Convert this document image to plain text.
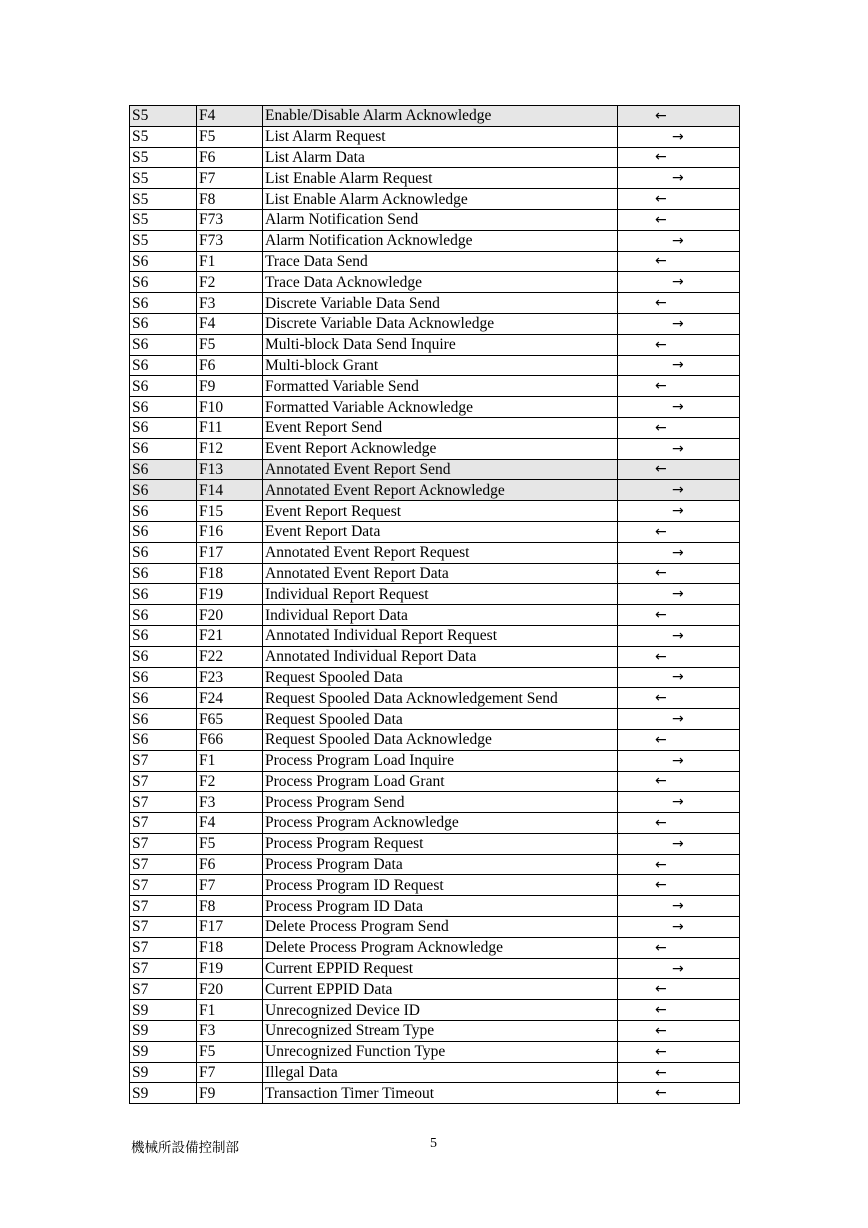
S5	F4	Enable/Disable Alarm Acknowledge	←

S5	F5	List Alarm Request	→

S5	F6	List Alarm Data	←

S5	F7	List Enable Alarm Request	→

S5	F8	List Enable Alarm Acknowledge	←

S5	F73	Alarm Notification Send	←

S5	F73	Alarm Notification Acknowledge	→

S6	F1	Trace Data Send	←

S6	F2	Trace Data Acknowledge	→

S6	F3	Discrete Variable Data Send	←

S6	F4	Discrete Variable Data Acknowledge	→

S6	F5	Multi-block Data Send Inquire	←

S6	F6	Multi-block Grant	→

S6	F9	Formatted Variable Send	←

S6	F10	Formatted Variable Acknowledge	→

S6	F11	Event Report Send	←

S6	F12	Event Report Acknowledge	→

S6	F13	Annotated Event Report Send	←

S6	F14	Annotated Event Report Acknowledge	→

S6	F15	Event Report Request	→

S6	F16	Event Report Data	←

S6	F17	Annotated Event Report Request	→

S6	F18	Annotated Event Report Data	←

S6	F19	Individual Report Request	→

S6	F20	Individual Report Data	←

S6	F21	Annotated Individual Report Request	→

S6	F22	Annotated Individual Report Data	←

S6	F23	Request Spooled Data	→

S6	F24	Request Spooled Data Acknowledgement Send	←

S6	F65	Request Spooled Data	→

S6	F66	Request Spooled Data Acknowledge	←

S7	F1	Process Program Load Inquire	→

S7	F2	Process Program Load Grant	←

S7	F3	Process Program Send	→

S7	F4	Process Program Acknowledge	←

S7	F5	Process Program Request	→

S7	F6	Process Program Data	←

S7	F7	Process Program ID Request	←

S7	F8	Process Program ID Data	→

S7	F17	Delete Process Program Send	→

S7	F18	Delete Process Program Acknowledge	←

S7	F19	Current EPPID Request	→

S7	F20	Current EPPID Data	←

S9	F1	Unrecognized Device ID	←

S9	F3	Unrecognized Stream Type	←

S9	F5	Unrecognized Function Type	←

S9	F7	Illegal Data	←

S9	F9	Transaction Timer Timeout	←
機械所設備控制部	5
